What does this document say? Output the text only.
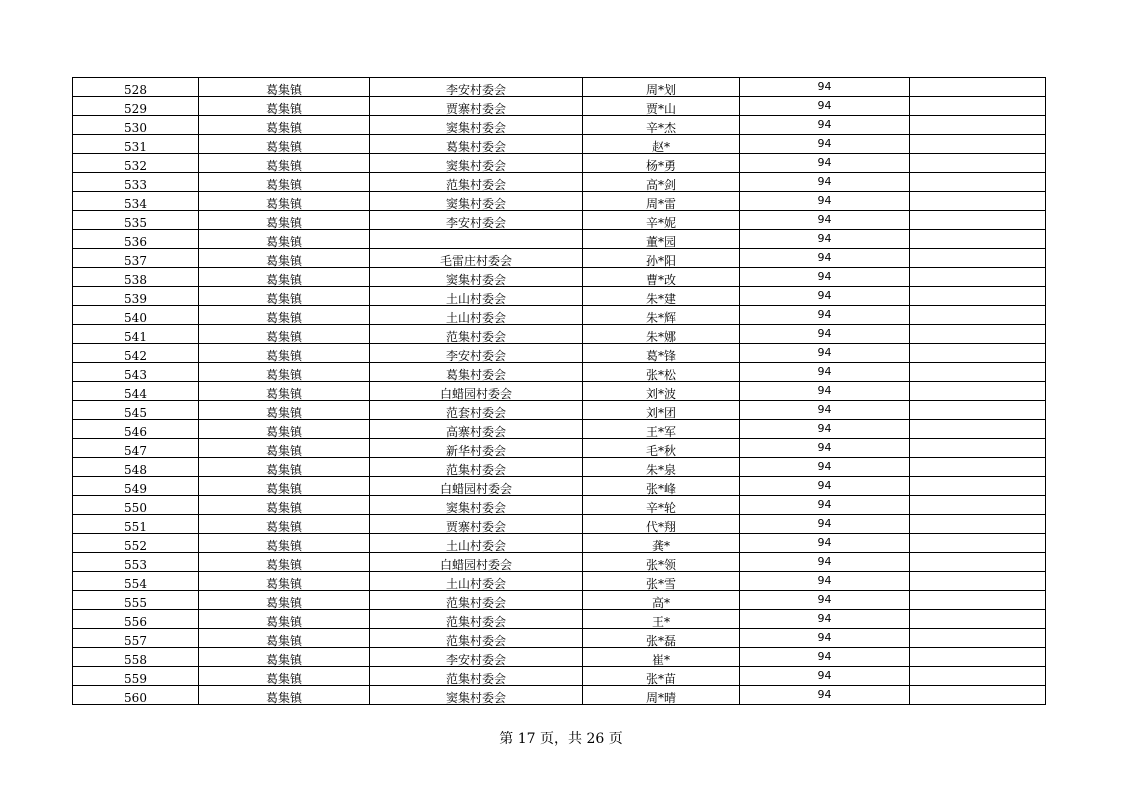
528	葛集镇	李安村委会	周*划	94	
529	葛集镇	贾寨村委会	贾*山	94	
530	葛集镇	窦集村委会	辛*杰	94	
531	葛集镇	葛集村委会	赵*	94	
532	葛集镇	窦集村委会	杨*勇	94	
533	葛集镇	范集村委会	高*剑	94	
534	葛集镇	窦集村委会	周*雷	94	
535	葛集镇	李安村委会	辛*妮	94	
536	葛集镇		董*园	94	
537	葛集镇	毛雷庄村委会	孙*阳	94	
538	葛集镇	窦集村委会	曹*改	94	
539	葛集镇	土山村委会	朱*建	94	
540	葛集镇	土山村委会	朱*辉	94	
541	葛集镇	范集村委会	朱*娜	94	
542	葛集镇	李安村委会	葛*锋	94	
543	葛集镇	葛集村委会	张*松	94	
544	葛集镇	白蜡园村委会	刘*波	94	
545	葛集镇	范套村委会	刘*团	94	
546	葛集镇	高寨村委会	王*军	94	
547	葛集镇	新华村委会	毛*秋	94	
548	葛集镇	范集村委会	朱*泉	94	
549	葛集镇	白蜡园村委会	张*峰	94	
550	葛集镇	窦集村委会	辛*轮	94	
551	葛集镇	贾寨村委会	代*翔	94	
552	葛集镇	土山村委会	龚*	94	
553	葛集镇	白蜡园村委会	张*领	94	
554	葛集镇	土山村委会	张*雪	94	
555	葛集镇	范集村委会	高*	94	
556	葛集镇	范集村委会	王*	94	
557	葛集镇	范集村委会	张*磊	94	
558	葛集镇	李安村委会	崔*	94	
559	葛集镇	范集村委会	张*苗	94	
560	葛集镇	窦集村委会	周*晴	94	
第 17 页，共 26 页
